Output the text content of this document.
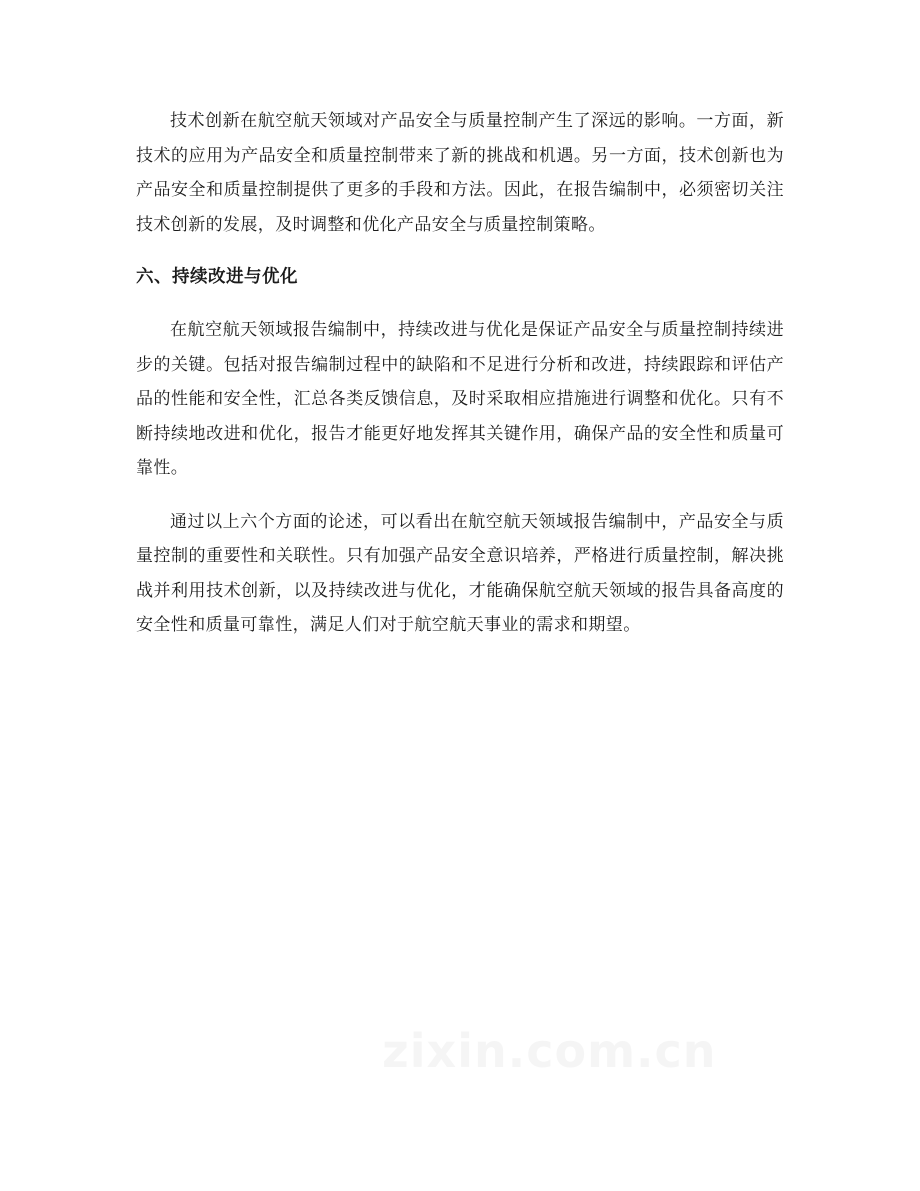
技术创新在航空航天领域对产品安全与质量控制产生了深远的影响。一方面，新技术的应用为产品安全和质量控制带来了新的挑战和机遇。另一方面，技术创新也为产品安全和质量控制提供了更多的手段和方法。因此，在报告编制中，必须密切关注技术创新的发展，及时调整和优化产品安全与质量控制策略。

六、持续改进与优化

在航空航天领域报告编制中，持续改进与优化是保证产品安全与质量控制持续进步的关键。包括对报告编制过程中的缺陷和不足进行分析和改进，持续跟踪和评估产品的性能和安全性，汇总各类反馈信息，及时采取相应措施进行调整和优化。只有不断持续地改进和优化，报告才能更好地发挥其关键作用，确保产品的安全性和质量可靠性。

通过以上六个方面的论述，可以看出在航空航天领域报告编制中，产品安全与质量控制的重要性和关联性。只有加强产品安全意识培养，严格进行质量控制，解决挑战并利用技术创新，以及持续改进与优化，才能确保航空航天领域的报告具备高度的安全性和质量可靠性，满足人们对于航空航天事业的需求和期望。

zixin.com.cn
